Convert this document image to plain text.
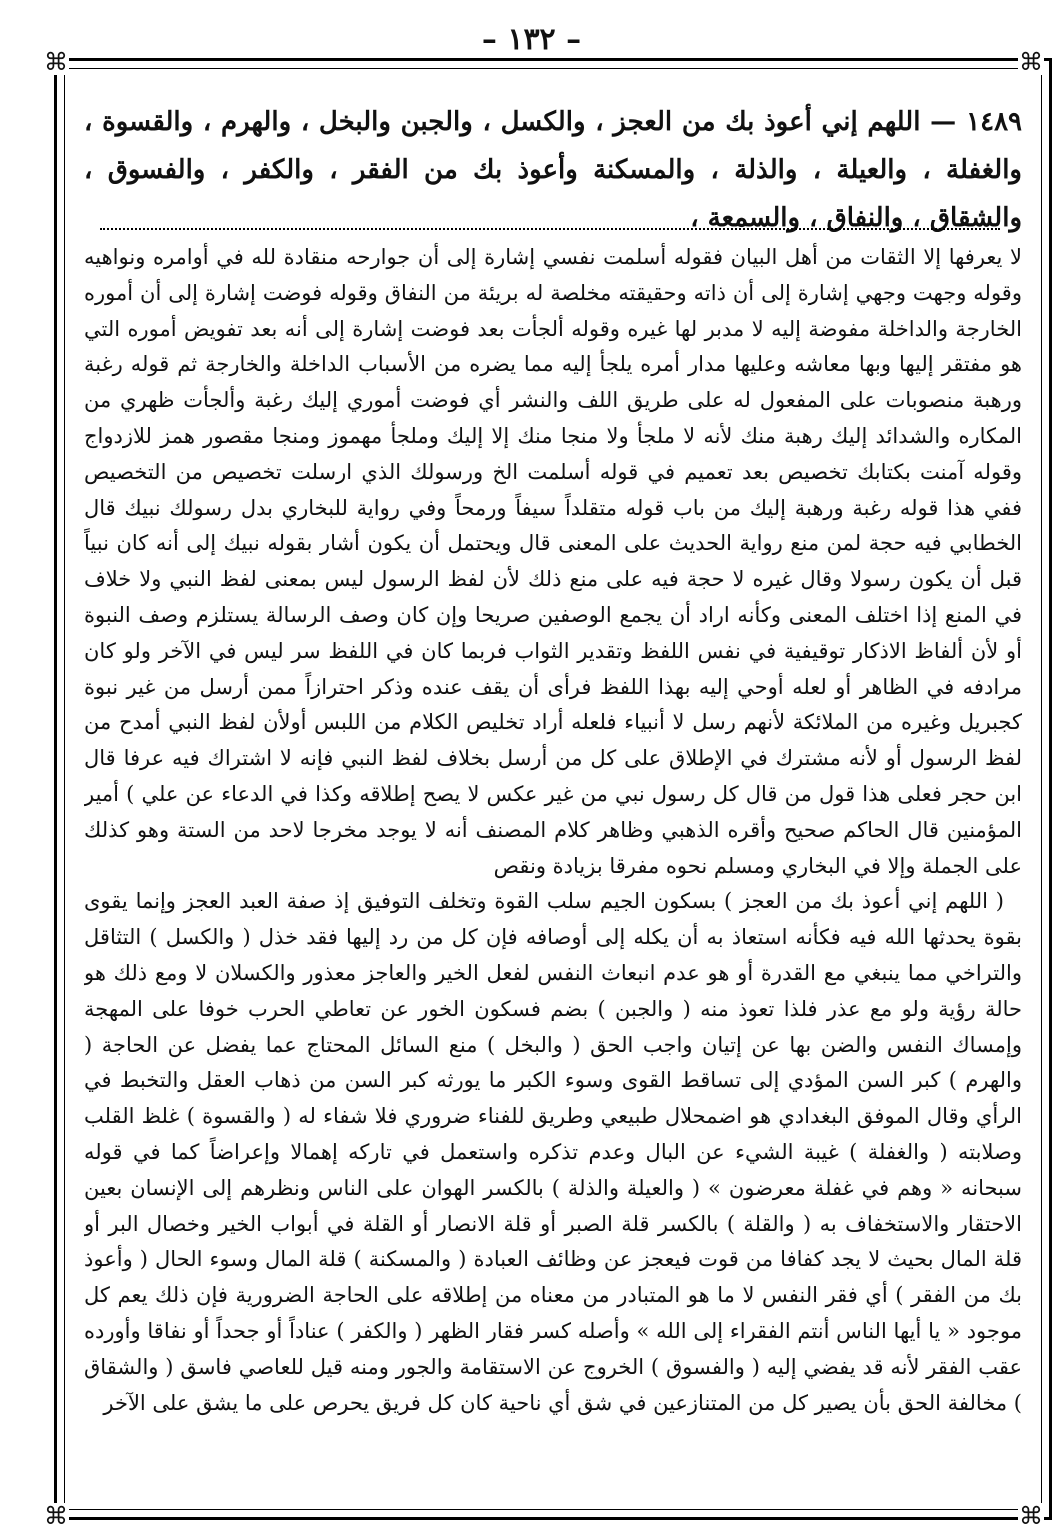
– ١٣٢ –
⌘	⌘
⌘	⌘
١٤٨٩— اللهم إني أعوذ بك من العجز ، والكسل ، والجبن والبخل ، والهرم ، والقسوة ، والغفلة ، والعيلة ، والذلة ، والمسكنة وأعوذ بك من الفقر ، والكفر ، والفسوق ، والشقاق ، والنفاق ، والسمعة ،

لا يعرفها إلا الثقات من أهل البيان فقوله أسلمت نفسي إشارة إلى أن جوارحه منقادة لله في أوامره ونواهيه وقوله وجهت وجهي إشارة إلى أن ذاته وحقيقته مخلصة له بريئة من النفاق وقوله فوضت إشارة إلى أن أموره الخارجة والداخلة مفوضة إليه لا مدبر لها غيره وقوله ألجأت بعد فوضت إشارة إلى أنه بعد تفويض أموره التي هو مفتقر إليها وبها معاشه وعليها مدار أمره يلجأ إليه مما يضره من الأسباب الداخلة والخارجة ثم قوله رغبة ورهبة منصوبات على المفعول له على طريق اللف والنشر أي فوضت أموري إليك رغبة وألجأت ظهري من المكاره والشدائد إليك رهبة منك لأنه لا ملجأ ولا منجا منك إلا إليك وملجأ مهموز ومنجا مقصور همز للازدواج وقوله آمنت بكتابك تخصيص بعد تعميم في قوله أسلمت الخ ورسولك الذي ارسلت تخصيص من التخصيص ففي هذا قوله رغبة ورهبة إليك من باب قوله متقلداً سيفاً ورمحاً وفي رواية للبخاري بدل رسولك نبيك قال الخطابي فيه حجة لمن منع رواية الحديث على المعنى قال ويحتمل أن يكون أشار بقوله نبيك إلى أنه كان نبياً قبل أن يكون رسولا وقال غيره لا حجة فيه على منع ذلك لأن لفظ الرسول ليس بمعنى لفظ النبي ولا خلاف في المنع إذا اختلف المعنى وكأنه اراد أن يجمع الوصفين صريحا وإن كان وصف الرسالة يستلزم وصف النبوة أو لأن ألفاظ الاذكار توقيفية في نفس اللفظ وتقدير الثواب فربما كان في اللفظ سر ليس في الآخر ولو كان مرادفه في الظاهر أو لعله أوحي إليه بهذا اللفظ فرأى أن يقف عنده وذكر احترازاً ممن أرسل من غير نبوة كجبريل وغيره من الملائكة لأنهم رسل لا أنبياء فلعله أراد تخليص الكلام من اللبس أولأن لفظ النبي أمدح من لفظ الرسول أو لأنه مشترك في الإطلاق على كل من أرسل بخلاف لفظ النبي فإنه لا اشتراك فيه عرفا قال ابن حجر فعلى هذا قول من قال كل رسول نبي من غير عكس لا يصح إطلاقه وكذا في الدعاء عن علي ) أمير المؤمنين قال الحاكم صحيح وأقره الذهبي وظاهر كلام المصنف أنه لا يوجد مخرجا لاحد من الستة وهو كذلك على الجملة وإلا في البخاري ومسلم نحوه مفرقا بزيادة ونقص

( اللهم إني أعوذ بك من العجز ) بسكون الجيم سلب القوة وتخلف التوفيق إذ صفة العبد العجز وإنما يقوى بقوة يحدثها الله فيه فكأنه استعاذ به أن يكله إلى أوصافه فإن كل من رد إليها فقد خذل ( والكسل ) التثاقل والتراخي مما ينبغي مع القدرة أو هو عدم انبعاث النفس لفعل الخير والعاجز معذور والكسلان لا ومع ذلك هو حالة رؤية ولو مع عذر فلذا تعوذ منه ( والجبن ) بضم فسكون الخور عن تعاطي الحرب خوفا على المهجة وإمساك النفس والضن بها عن إتيان واجب الحق ( والبخل ) منع السائل المحتاج عما يفضل عن الحاجة ( والهرم ) كبر السن المؤدي إلى تساقط القوى وسوء الكبر ما يورثه كبر السن من ذهاب العقل والتخبط في الرأي وقال الموفق البغدادي هو اضمحلال طبيعي وطريق للفناء ضروري فلا شفاء له ( والقسوة ) غلظ القلب وصلابته ( والغفلة ) غيبة الشيء عن البال وعدم تذكره واستعمل في تاركه إهمالا وإعراضاً كما في قوله سبحانه « وهم في غفلة معرضون » ( والعيلة والذلة ) بالكسر الهوان على الناس ونظرهم إلى الإنسان بعين الاحتقار والاستخفاف به ( والقلة ) بالكسر قلة الصبر أو قلة الانصار أو القلة في أبواب الخير وخصال البر أو قلة المال بحيث لا يجد كفافا من قوت فيعجز عن وظائف العبادة ( والمسكنة ) قلة المال وسوء الحال ( وأعوذ بك من الفقر ) أي فقر النفس لا ما هو المتبادر من معناه من إطلاقه على الحاجة الضرورية فإن ذلك يعم كل موجود « يا أيها الناس أنتم الفقراء إلى الله » وأصله كسر فقار الظهر ( والكفر ) عناداً أو جحداً أو نفاقا وأورده عقب الفقر لأنه قد يفضي إليه ( والفسوق ) الخروج عن الاستقامة والجور ومنه قيل للعاصي فاسق ( والشقاق ) مخالفة الحق بأن يصير كل من المتنازعين في شق أي ناحية كان كل فريق يحرص على ما يشق على الآخر
